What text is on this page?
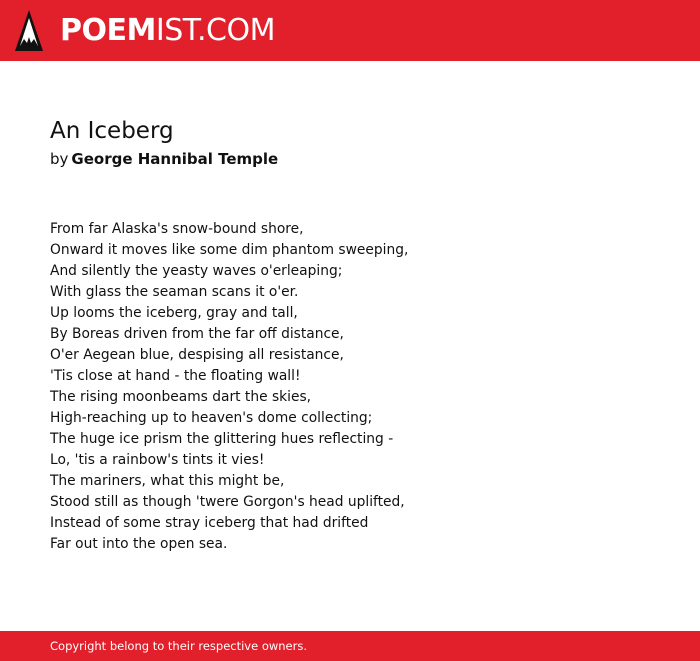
POEMIST.COM
An Iceberg
by George Hannibal Temple
From far Alaska's snow-bound shore,
Onward it moves like some dim phantom sweeping,
And silently the yeasty waves o'erleaping;
With glass the seaman scans it o'er.
Up looms the iceberg, gray and tall,
By Boreas driven from the far off distance,
O'er Aegean blue, despising all resistance,
'Tis close at hand - the floating wall!
The rising moonbeams dart the skies,
High-reaching up to heaven's dome collecting;
The huge ice prism the glittering hues reflecting -
Lo, 'tis a rainbow's tints it vies!
The mariners, what this might be,
Stood still as though 'twere Gorgon's head uplifted,
Instead of some stray iceberg that had drifted
Far out into the open sea.
Copyright belong to their respective owners.
